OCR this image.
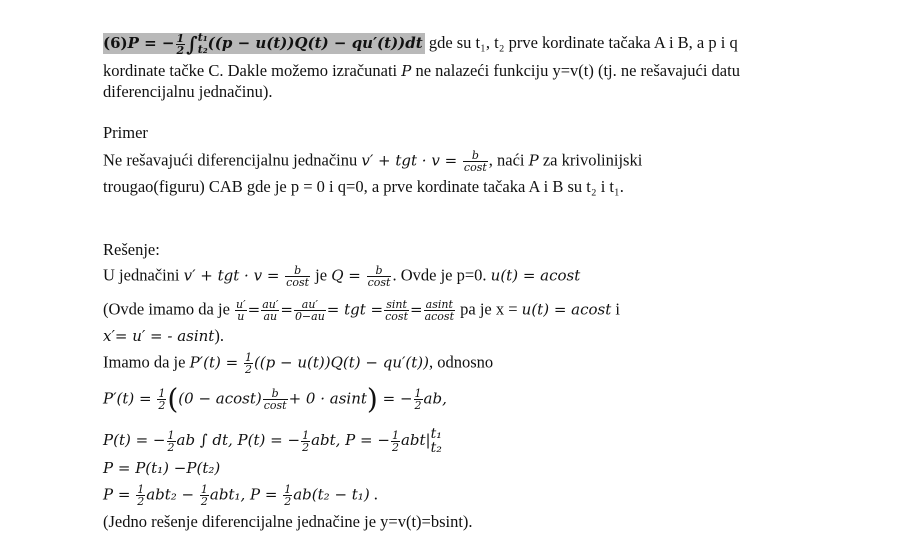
(6)P = − $\frac{1}{2}$ ∫ t₁
t₂ ((p − u(t))Q(t) − qu′(t))dt gde su t₁, t₂ prve kordinate tačaka A i B, a p i q
kordinate tačke C. Dakle možemo izračunati P ne nalazeći funkciju y=v(t) (tj. ne rešavajući datu
diferencijalnu jednačinu).
Primer
Ne rešavajući diferencijalnu jednačinu v′ + tgt · $v = \frac{b}{\cos t}$ , naći P za krivolinijski
trougao(figuru) CAB gde je p = 0 i q=0, a prve kordinate tačaka A i B su t₂ i t₁.
Rešenje:
U jednačini v′ + tgt · $v = \frac{b}{\cos t}$ je $Q = \frac{b}{\cos t}$ . Ovde je p=0. u(t) = acost
(Ovde imamo da je $\frac{u'}{u} = \frac{au'}{au} = \frac{au'}{0-au}$ = tgt = $\frac{\sin t}{\cos t} = \frac{asint}{acost}$ pa je x = u(t) = acost i
x′= u′ = - asint).
Imamo da je $P'(t) = \frac{1}{2} ((p - u(t))Q(t) - qu'(t))$, odnosno
$P'(t) = \frac{1}{2} ((0 - acost) \frac{b}{\cos t} + 0 \cdot asint)$ = − $\frac{1}{2}$ ab,
P(t) = − $\frac{1}{2}$ ab ∫ dt, P(t) = − $\frac{1}{2}$ abt, P = − $\frac{1}{2} abt|$ t₁
t₂
P = P(t₁) −P(t₂)
$P = \frac{1}{2} abt_2 - \frac{1}{2} abt_1$, $P = \frac{1}{2} ab(t_2 - t_1)$ .
(Jedno rešenje diferencijalne jednačine je y=v(t)=bsint).
